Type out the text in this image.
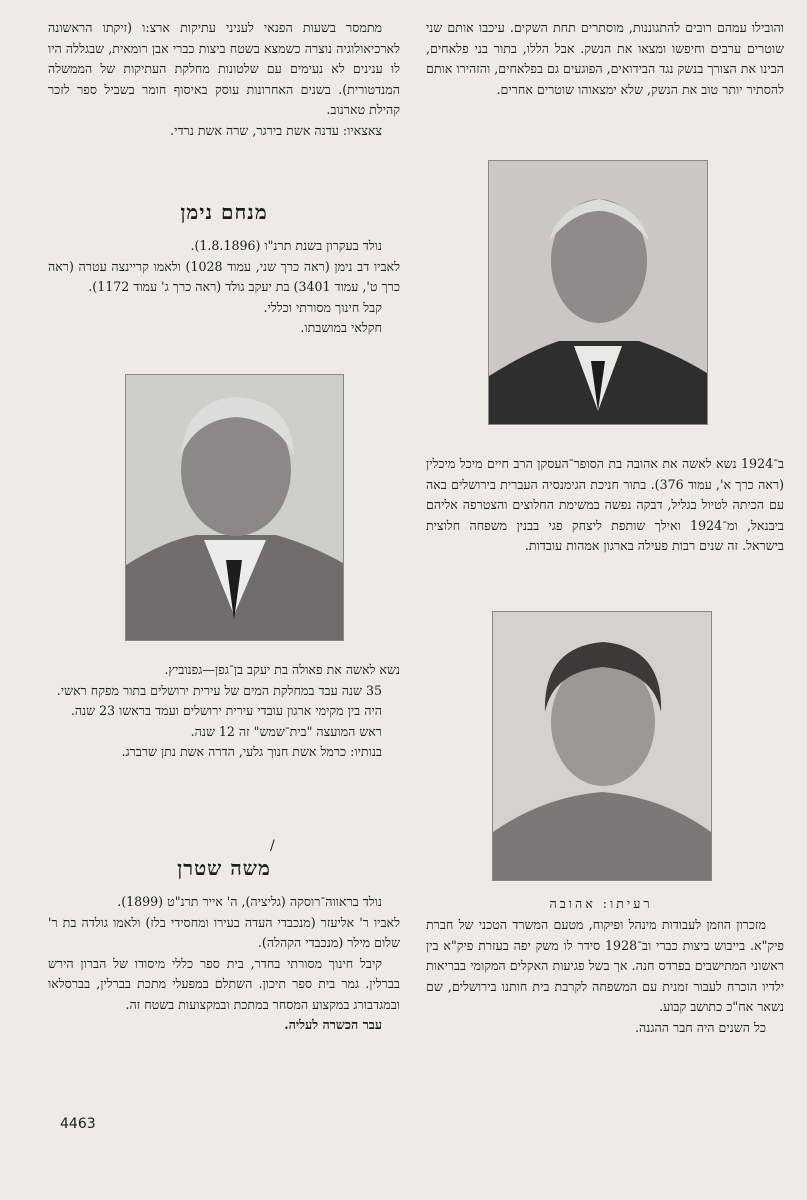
והובילו עמהם רובים להתגוננות, מוסתרים תחת השקים. עיכבו אותם שני שוטרים ערבים וחיפשו ומצאו את הנשק. אבל הללו, בתור בני פלאחים, הבינו את הצורך בנשק נגד הבידואים, הפוגעים גם בפלאחים, והזהירו אותם להסתיר יותר טוב את הנשק, שלא ימצאוהו שוטרים אחרים.

ב־1924 נשא לאשה את אהובה בת הסופר־העסקן הרב חיים מיכל מיכלין (ראה כרך א', עמוד 376). בתור חניכת הגימנסיה העברית בירושלים באה עם הכיתה לטיול בגליל, דבקה נפשה במשימת החלוצים והצטרפה אליהם ביבנאל, ומ־1924 ואילך שותפת ליצחק פגי בבנין משפחה חלוצית בישראל. זה שנים רבות פעילה בארגון אמהות עובדות.

רעיתו: אהובה

מזכרון הוזמן לעבודות מינהל ופיקוח, מטעם המשרד הטכני של חברת פיק"א. בייבוש ביצות כברי וב־1928 סידר לו משק יפה בעזרת פיק"א בין ראשוני המתישבים בפרדס חנה. אך בשל פגיעות האקלים המקומי בבריאות ילדיו הוכרח לעבור זמנית עם המשפחה לקרבת בית חותנו בירושלים, שם נשאר אח"כ כתושב קבוע.

כל השנים היה חבר ההגנה.

מתמסר בשעות הפנאי לעניני עתיקות ארצ:ו (זיקתו הראשונה לארכיאולוגיה נוצרה כשמצא בשטח ביצות כברי אבן רומאית, שבגללה היו לו ענינים לא נעימים עם שלטונות מחלקת העתיקות של הממשלה המנדטורית). בשנים האחרונות עוסק באיסוף חומר בשביל ספר לזכר קהילת טארנוב.

צאצאיו: עדנה אשת בירגר, שרה אשת נרדי.

מנחם נימן

נולד בעקרון בשנת תרנ"ו (1.8.1896).

לאביו דב נימן (ראה כרך שני, עמוד 1028) ולאמו קריינצה עטרה (ראה כרך ט', עמוד 3401) בת יעקב גולד (ראה כרך ג' עמוד 1172).

קבל חינוך מסורתי וכללי.

חקלאי במושבתו.

נשא לאשה את פאולה בת יעקב בן־גפן—גפנוביץ.

35 שנה עבד במחלקת המים של עירית ירושלים בתור מפקח ראשי.

היה בין מקימי ארגון עובדי עירית ירושלים ועמד בראשו 23 שנה.

ראש המועצה "בית־שמש" זה 12 שנה.

בנותיו: כרמל אשת חנוך גלעי, הדרה אשת נתן שרברג.

/
משה שטרן

נולד בראווה־רוסקה (גליציה), ה' אייר תרנ"ט (1899).

לאביו ר' אליעזר (מנכבדי העדה בעירו ומחסידי בלז) ולאמו גולדה בת ר' שלום מילר (מנכבדי הקהלה).

קיבל חינוך מסורתי בחדר, בית ספר כללי מיסודו של הברון הירש בברלין. גמר בית ספר תיכון. השתלם במפעלי מתכת בברלין, בברסלאו ובמגדבורג במקצוע המסחר במתכת ובמקצועות בשטח זה.

עבר הכשרה לעליה.

4463
